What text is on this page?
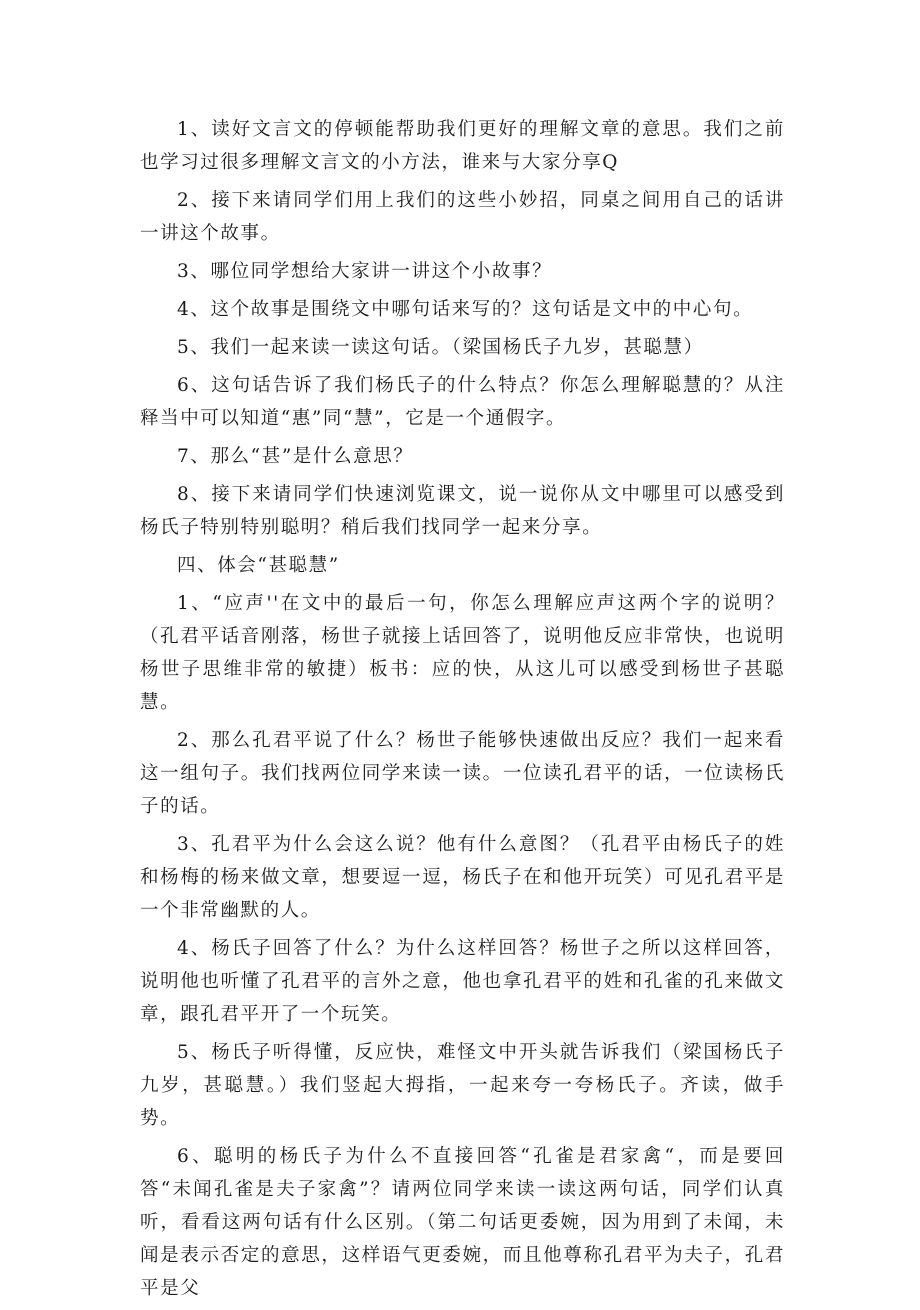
1、读好文言文的停顿能帮助我们更好的理解文章的意思。我们之前也学习过很多理解文言文的小方法，谁来与大家分享Q

2、接下来请同学们用上我们的这些小妙招，同桌之间用自己的话讲一讲这个故事。

3、哪位同学想给大家讲一讲这个小故事？

4、这个故事是围绕文中哪句话来写的？这句话是文中的中心句。

5、我们一起来读一读这句话。（梁国杨氏子九岁，甚聪慧）

6、这句话告诉了我们杨氏子的什么特点？你怎么理解聪慧的？从注释当中可以知道“惠”同“慧”，它是一个通假字。

7、那么“甚”是什么意思？

8、接下来请同学们快速浏览课文，说一说你从文中哪里可以感受到杨氏子特别特别聪明？稍后我们找同学一起来分享。

四、体会“甚聪慧”

1、“应声''在文中的最后一句，你怎么理解应声这两个字的说明？（孔君平话音刚落，杨世子就接上话回答了，说明他反应非常快，也说明杨世子思维非常的敏捷）板书：应的快，从这儿可以感受到杨世子甚聪慧。

2、那么孔君平说了什么？杨世子能够快速做出反应？我们一起来看这一组句子。我们找两位同学来读一读。一位读孔君平的话，一位读杨氏子的话。

3、孔君平为什么会这么说？他有什么意图？（孔君平由杨氏子的姓和杨梅的杨来做文章，想要逗一逗，杨氏子在和他开玩笑）可见孔君平是一个非常幽默的人。

4、杨氏子回答了什么？为什么这样回答？杨世子之所以这样回答，说明他也听懂了孔君平的言外之意，他也拿孔君平的姓和孔雀的孔来做文章，跟孔君平开了一个玩笑。

5、杨氏子听得懂，反应快，难怪文中开头就告诉我们（梁国杨氏子九岁，甚聪慧。）我们竖起大拇指，一起来夸一夸杨氏子。齐读，做手势。

6、聪明的杨氏子为什么不直接回答“孔雀是君家禽“，而是要回答“未闻孔雀是夫子家禽”？请两位同学来读一读这两句话，同学们认真听，看看这两句话有什么区别。（第二句话更委婉，因为用到了未闻，未闻是表示否定的意思，这样语气更委婉，而且他尊称孔君平为夫子，孔君平是父
